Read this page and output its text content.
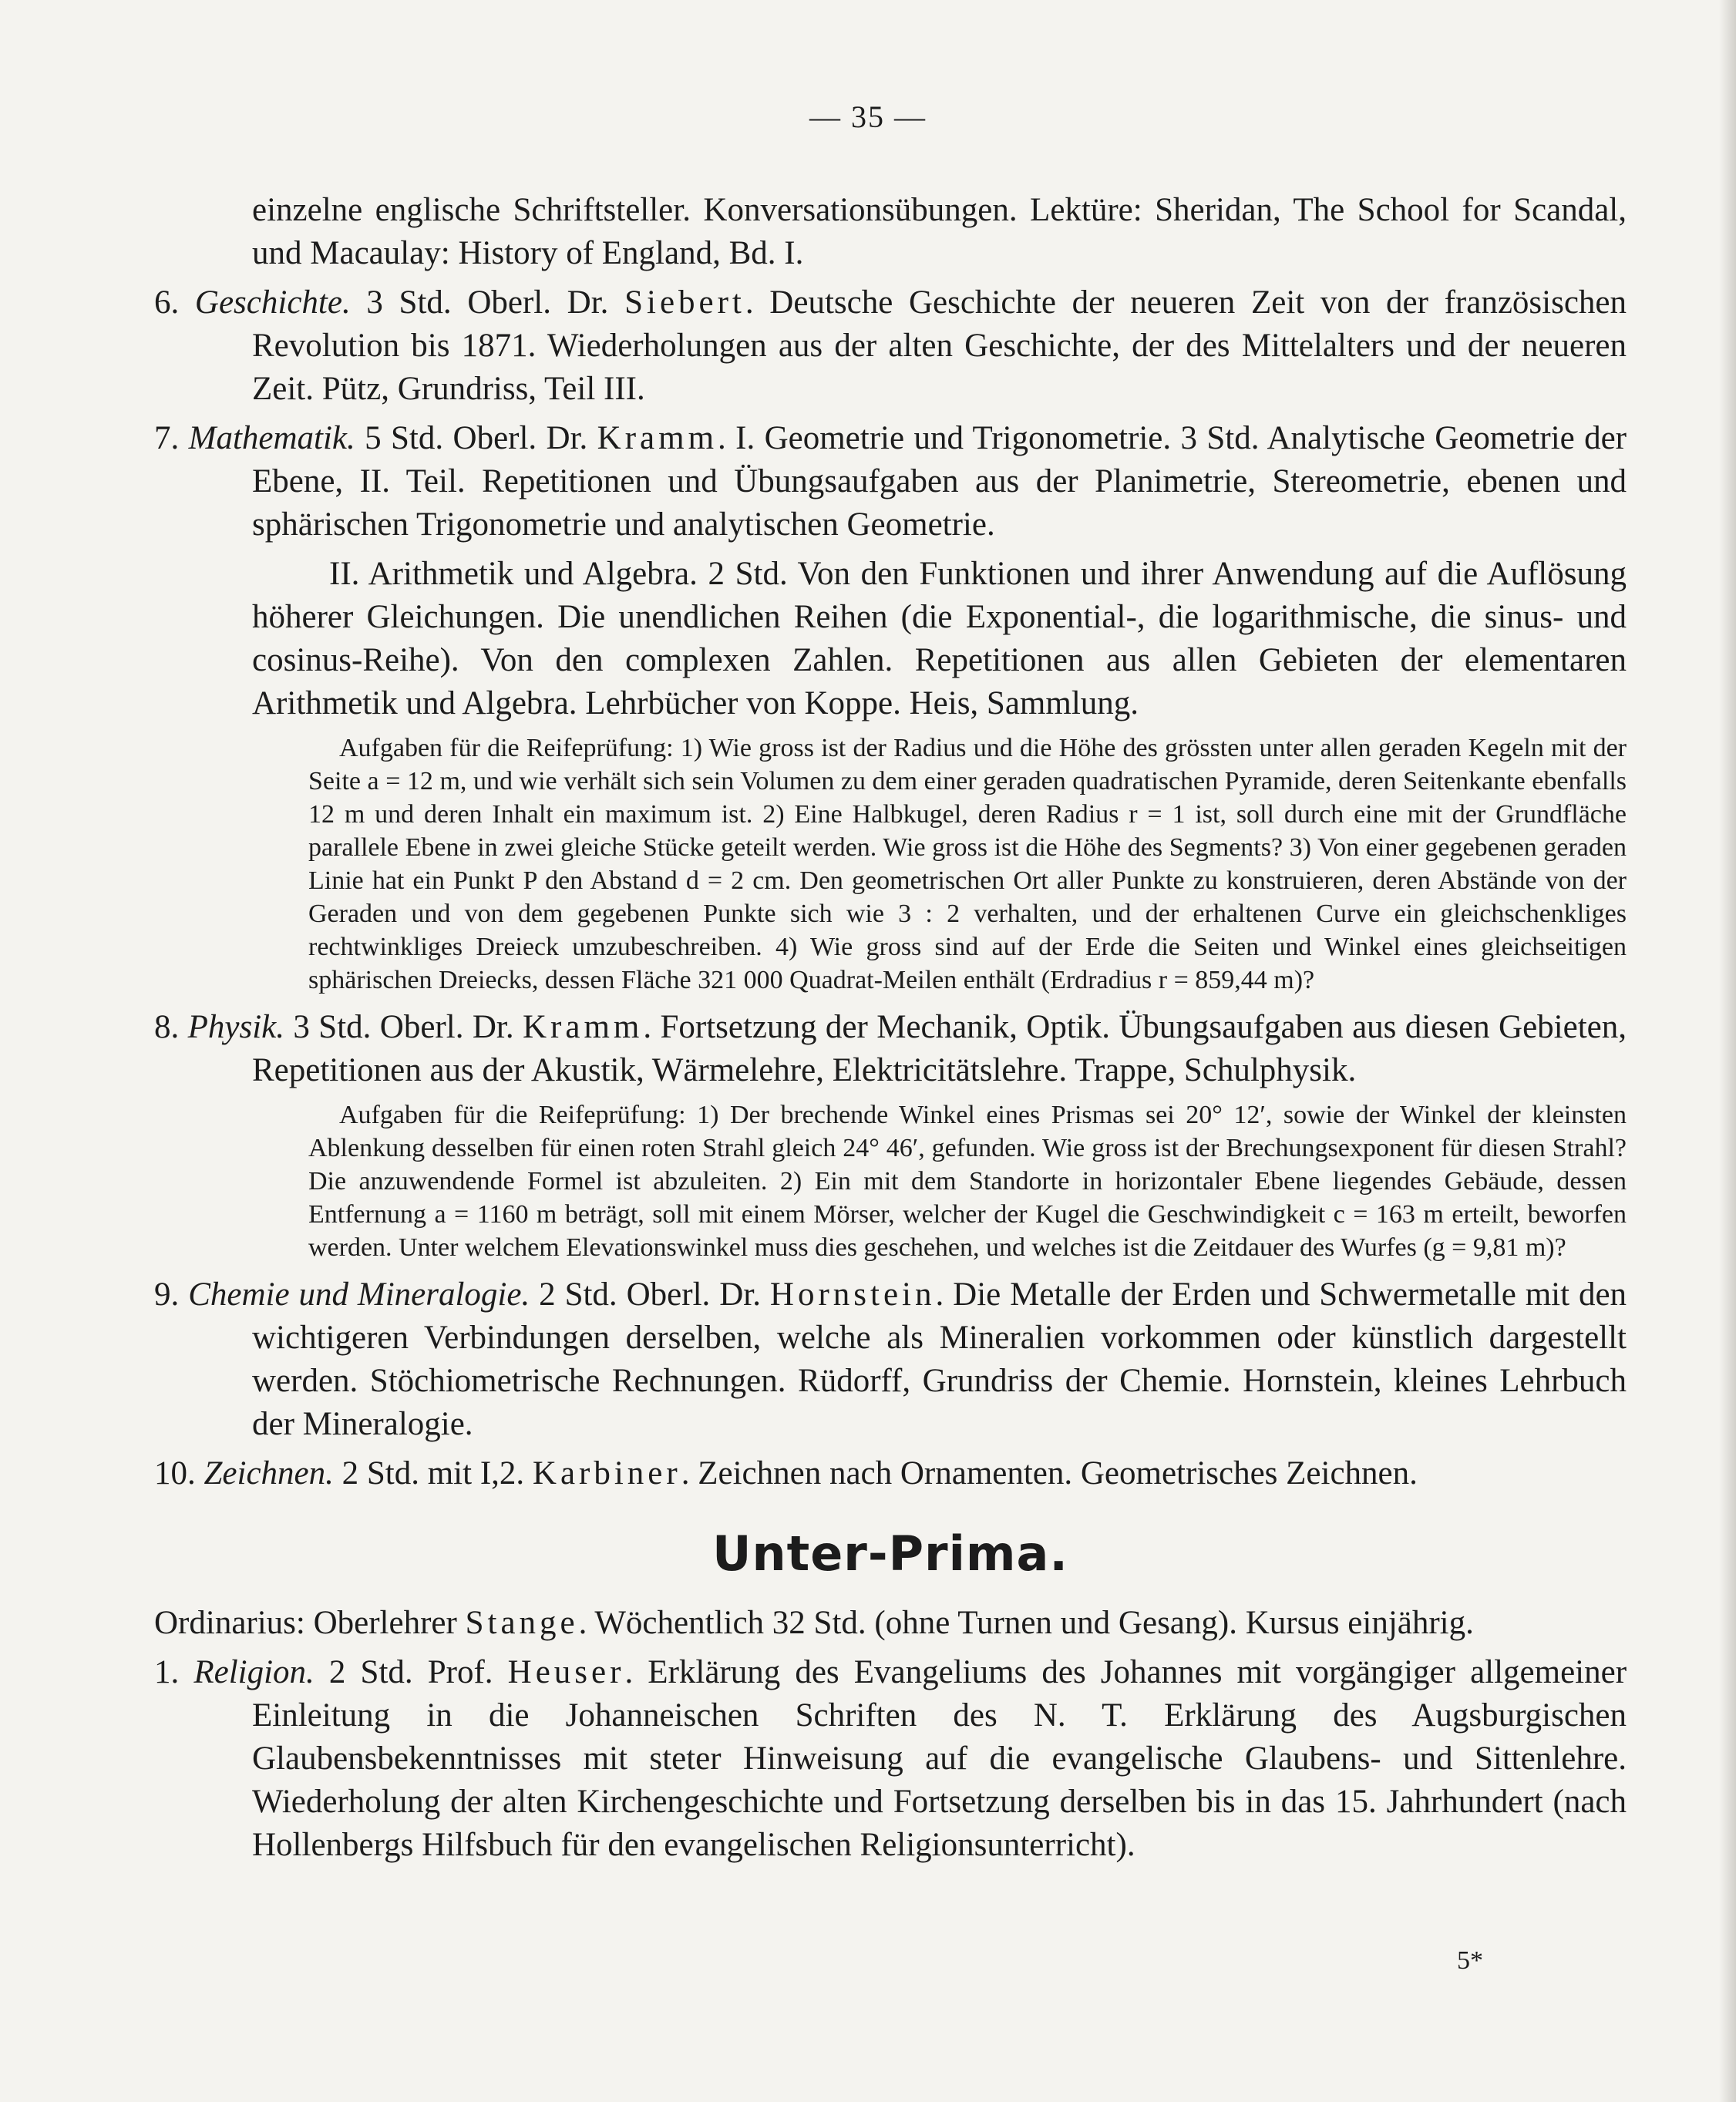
— 35 —

einzelne englische Schriftsteller. Konversationsübungen. Lektüre: Sheridan, The School for Scandal, und Macaulay: History of England, Bd. I.

6. Geschichte. 3 Std. Oberl. Dr. Siebert. Deutsche Geschichte der neueren Zeit von der französischen Revolution bis 1871. Wiederholungen aus der alten Geschichte, der des Mittelalters und der neueren Zeit. Pütz, Grundriss, Teil III.

7. Mathematik. 5 Std. Oberl. Dr. Kramm. I. Geometrie und Trigonometrie. 3 Std. Analytische Geometrie der Ebene, II. Teil. Repetitionen und Übungsaufgaben aus der Planimetrie, Stereometrie, ebenen und sphärischen Trigonometrie und analytischen Geometrie.

II. Arithmetik und Algebra. 2 Std. Von den Funktionen und ihrer Anwendung auf die Auflösung höherer Gleichungen. Die unendlichen Reihen (die Exponential-, die logarithmische, die sinus- und cosinus-Reihe). Von den complexen Zahlen. Repetitionen aus allen Gebieten der elementaren Arithmetik und Algebra. Lehrbücher von Koppe. Heis, Sammlung.

Aufgaben für die Reifeprüfung: 1) Wie gross ist der Radius und die Höhe des grössten unter allen geraden Kegeln mit der Seite a = 12 m, und wie verhält sich sein Volumen zu dem einer geraden quadratischen Pyramide, deren Seitenkante ebenfalls 12 m und deren Inhalt ein maximum ist. 2) Eine Halbkugel, deren Radius r = 1 ist, soll durch eine mit der Grundfläche parallele Ebene in zwei gleiche Stücke geteilt werden. Wie gross ist die Höhe des Segments? 3) Von einer gegebenen geraden Linie hat ein Punkt P den Abstand d = 2 cm. Den geometrischen Ort aller Punkte zu konstruieren, deren Abstände von der Geraden und von dem gegebenen Punkte sich wie 3 : 2 verhalten, und der erhaltenen Curve ein gleichschenkliges rechtwinkliges Dreieck umzubeschreiben. 4) Wie gross sind auf der Erde die Seiten und Winkel eines gleichseitigen sphärischen Dreiecks, dessen Fläche 321 000 Quadrat-Meilen enthält (Erdradius r = 859,44 m)?

8. Physik. 3 Std. Oberl. Dr. Kramm. Fortsetzung der Mechanik, Optik. Übungsaufgaben aus diesen Gebieten, Repetitionen aus der Akustik, Wärmelehre, Elektricitätslehre. Trappe, Schulphysik.

Aufgaben für die Reifeprüfung: 1) Der brechende Winkel eines Prismas sei 20° 12′, sowie der Winkel der kleinsten Ablenkung desselben für einen roten Strahl gleich 24° 46′, gefunden. Wie gross ist der Brechungsexponent für diesen Strahl? Die anzuwendende Formel ist abzuleiten. 2) Ein mit dem Standorte in horizontaler Ebene liegendes Gebäude, dessen Entfernung a = 1160 m beträgt, soll mit einem Mörser, welcher der Kugel die Geschwindigkeit c = 163 m erteilt, beworfen werden. Unter welchem Elevationswinkel muss dies geschehen, und welches ist die Zeitdauer des Wurfes (g = 9,81 m)?

9. Chemie und Mineralogie. 2 Std. Oberl. Dr. Hornstein. Die Metalle der Erden und Schwermetalle mit den wichtigeren Verbindungen derselben, welche als Mineralien vorkommen oder künstlich dargestellt werden. Stöchiometrische Rechnungen. Rüdorff, Grundriss der Chemie. Hornstein, kleines Lehrbuch der Mineralogie.

10. Zeichnen. 2 Std. mit I,2. Karbiner. Zeichnen nach Ornamenten. Geometrisches Zeichnen.

Unter-Prima.

Ordinarius: Oberlehrer Stange. Wöchentlich 32 Std. (ohne Turnen und Gesang). Kursus einjährig.

1. Religion. 2 Std. Prof. Heuser. Erklärung des Evangeliums des Johannes mit vorgängiger allgemeiner Einleitung in die Johanneischen Schriften des N. T. Erklärung des Augsburgischen Glaubensbekenntnisses mit steter Hinweisung auf die evangelische Glaubens- und Sittenlehre. Wiederholung der alten Kirchengeschichte und Fortsetzung derselben bis in das 15. Jahrhundert (nach Hollenbergs Hilfsbuch für den evangelischen Religionsunterricht).

5*
